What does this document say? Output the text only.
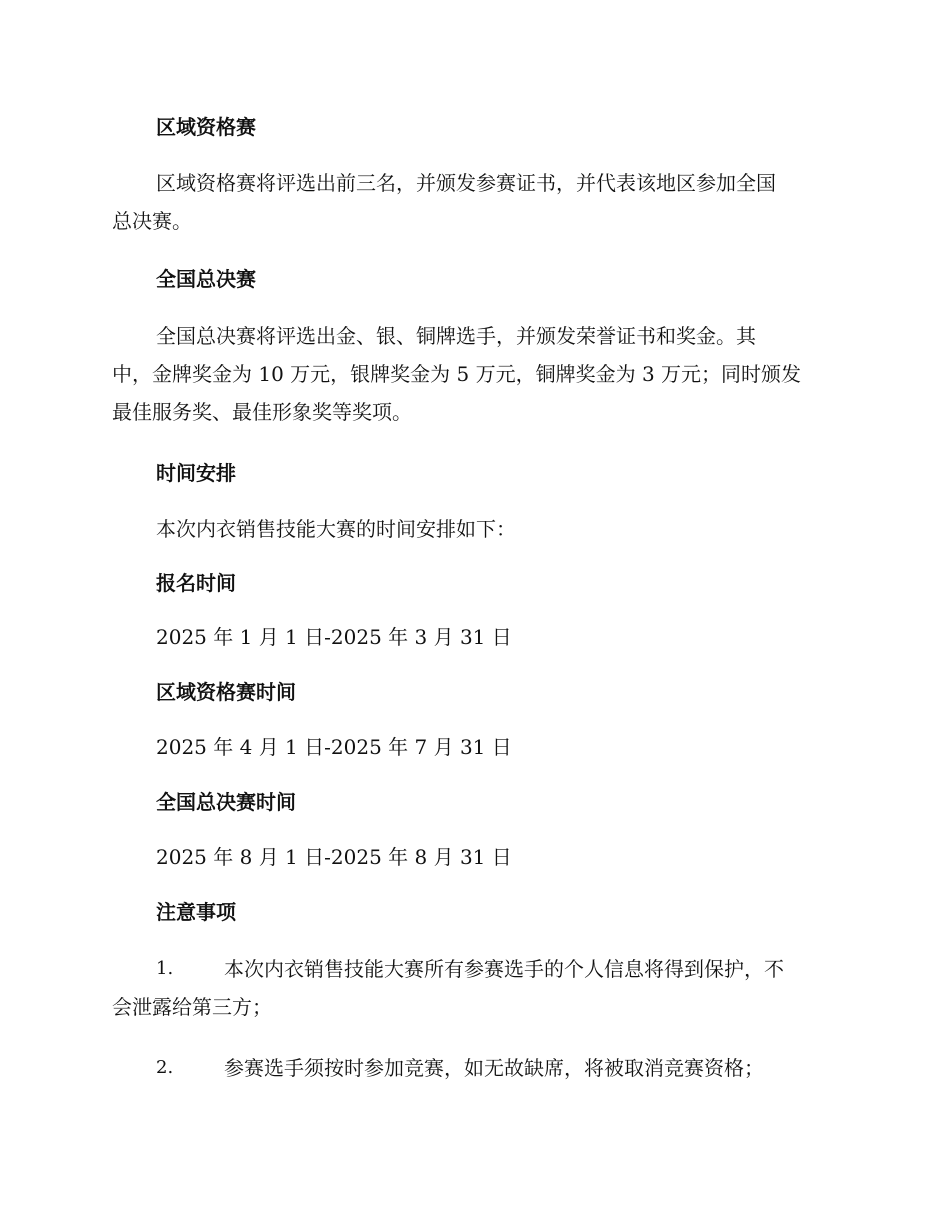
区域资格赛
区域资格赛将评选出前三名，并颁发参赛证书，并代表该地区参加全国
总决赛。
全国总决赛
全国总决赛将评选出金、银、铜牌选手，并颁发荣誉证书和奖金。其
中，金牌奖金为 10 万元，银牌奖金为 5 万元，铜牌奖金为 3 万元；同时颁发
最佳服务奖、最佳形象奖等奖项。
时间安排
本次内衣销售技能大赛的时间安排如下：
报名时间
2025 年 1 月 1 日-2025 年 3 月 31 日
区域资格赛时间
2025 年 4 月 1 日-2025 年 7 月 31 日
全国总决赛时间
2025 年 8 月 1 日-2025 年 8 月 31 日
注意事项
1.	本次内衣销售技能大赛所有参赛选手的个人信息将得到保护，不
会泄露给第三方；
2.	参赛选手须按时参加竞赛，如无故缺席，将被取消竞赛资格；
